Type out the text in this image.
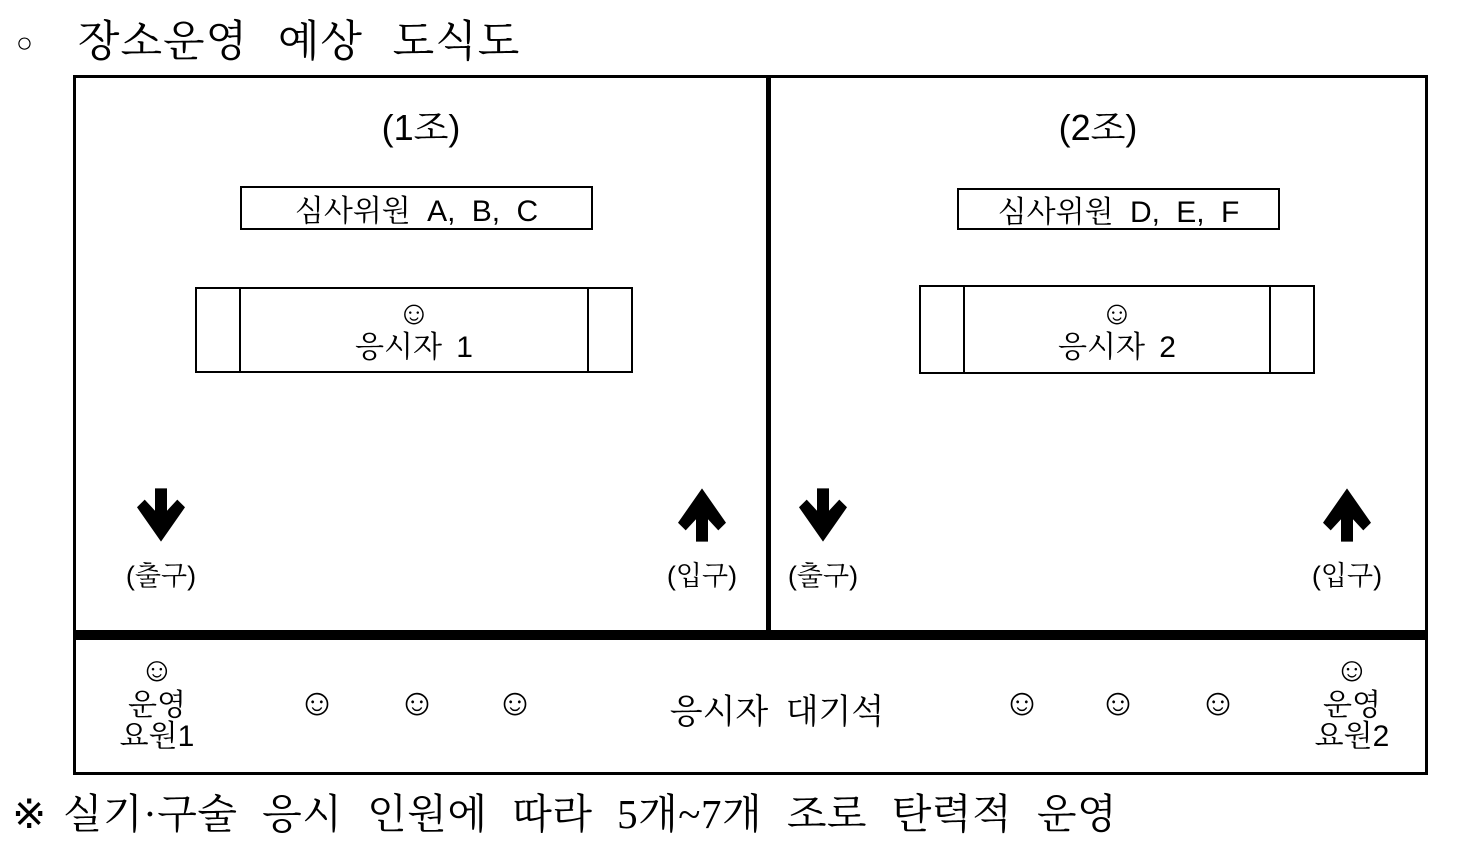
○ 장소운영 예상 도식도
(1조)
심사위원 A, B, C
☺
응시자 1
(출구)	(입구)
(2조)
심사위원 D, E, F
☺
응시자 2
(출구)	(입구)
☺
운영
요원1
☺ ☺ ☺	응시자 대기석	☺ ☺ ☺
☺
운영
요원2
※ 실기·구술 응시 인원에 따라 5개~7개 조로 탄력적 운영
